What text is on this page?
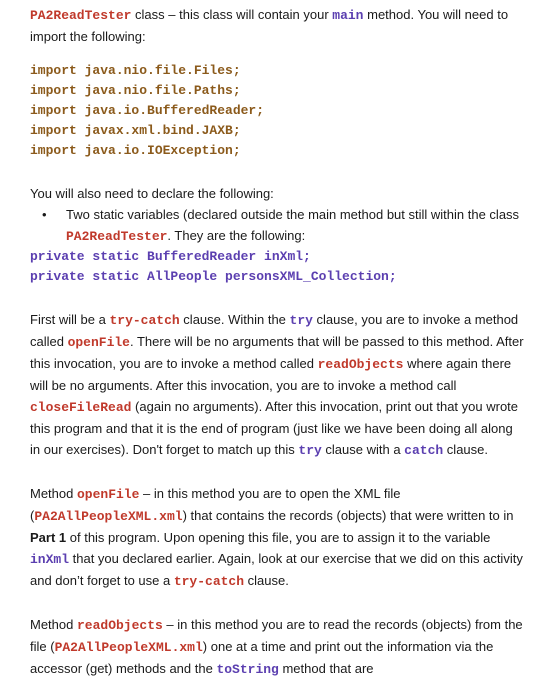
PA2ReadTester class – this class will contain your main method. You will need to import the following:

import java.nio.file.Files;
import java.nio.file.Paths;
import java.io.BufferedReader;
import javax.xml.bind.JAXB;
import java.io.IOException;

You will also need to declare the following:

• Two static variables (declared outside the main method but still within the class PA2ReadTester. They are the following:
private static BufferedReader inXml;
private static AllPeople personsXML_Collection;

First will be a try-catch clause. Within the try clause, you are to invoke a method called openFile. There will be no arguments that will be passed to this method. After this invocation, you are to invoke a method called readObjects where again there will be no arguments. After this invocation, you are to invoke a method call closeFileRead (again no arguments). After this invocation, print out that you wrote this program and that it is the end of program (just like we have been doing all along in our exercises). Don't forget to match up this try clause with a catch clause.

Method openFile – in this method you are to open the XML file (PA2AllPeopleXML.xml) that contains the records (objects) that were written to in Part 1 of this program. Upon opening this file, you are to assign it to the variable inXml that you declared earlier. Again, look at our exercise that we did on this activity and don’t forget to use a try-catch clause.

Method readObjects – in this method you are to read the records (objects) from the file (PA2AllPeopleXML.xml) one at a time and print out the information via the accessor (get) methods and the toString method that are
